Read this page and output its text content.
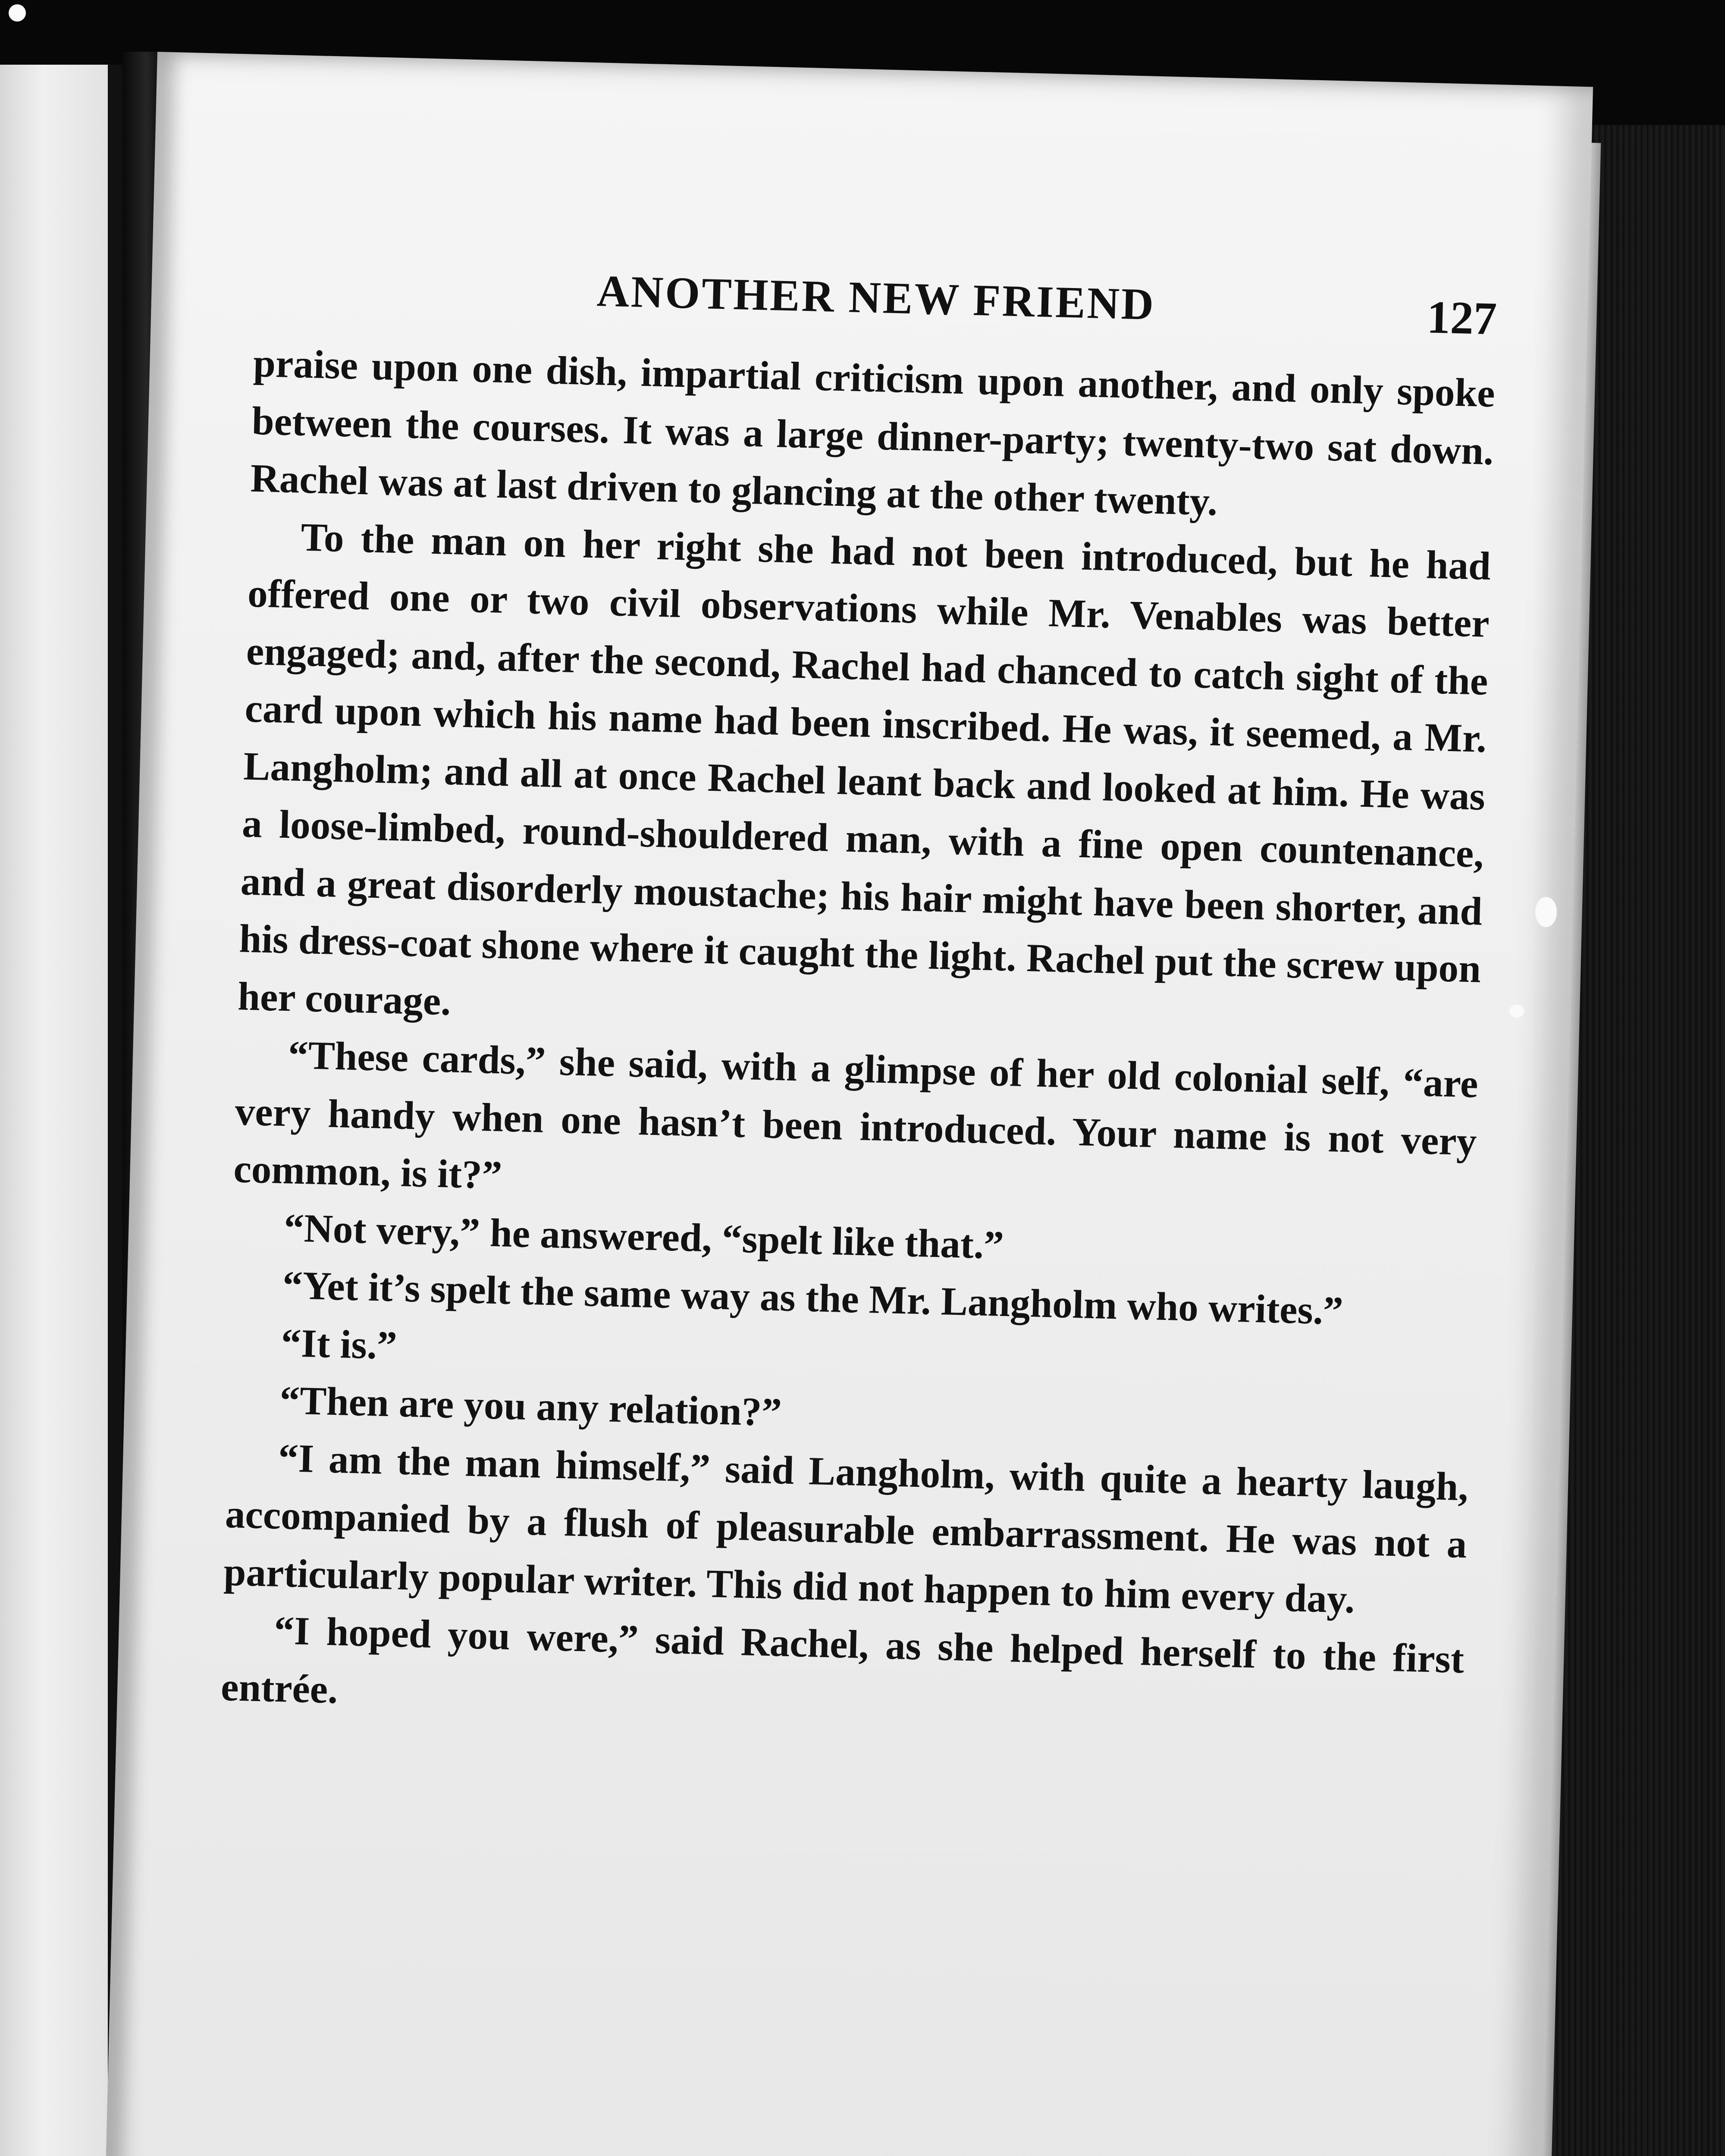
ANOTHER NEW FRIEND	127

praise upon one dish, impartial criticism upon another, and only spoke between the courses. It was a large dinner-party; twenty-two sat down. Rachel was at last driven to glancing at the other twenty.

To the man on her right she had not been introduced, but he had offered one or two civil observations while Mr. Venables was better engaged; and, after the second, Rachel had chanced to catch sight of the card upon which his name had been inscribed. He was, it seemed, a Mr. Langholm; and all at once Rachel leant back and looked at him. He was a loose-limbed, round-shouldered man, with a fine open countenance, and a great disorderly moustache; his hair might have been shorter, and his dress-coat shone where it caught the light. Rachel put the screw upon her courage.

“These cards,” she said, with a glimpse of her old colonial self, “are very handy when one hasn’t been introduced. Your name is not very common, is it?”

“Not very,” he answered, “spelt like that.”

“Yet it’s spelt the same way as the Mr. Langholm who writes.”

“It is.”

“Then are you any relation?”

“I am the man himself,” said Langholm, with quite a hearty laugh, accompanied by a flush of pleasurable embarrassment. He was not a particularly popular writer. This did not happen to him every day.

“I hoped you were,” said Rachel, as she helped herself to the first entrée.
